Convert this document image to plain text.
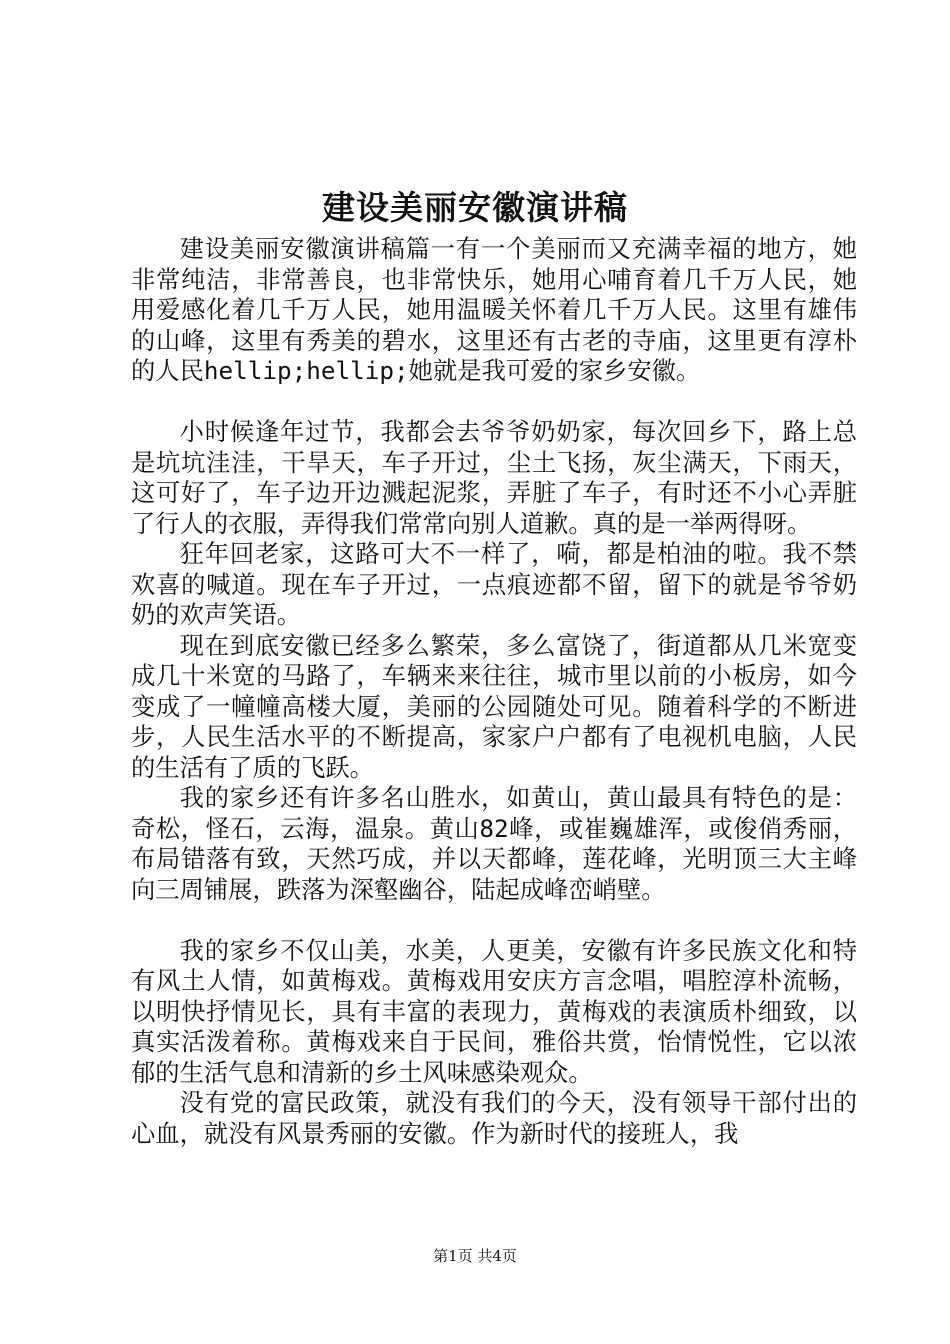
建设美丽安徽演讲稿

建设美丽安徽演讲稿篇一有一个美丽而又充满幸福的地方，她非常纯洁，非常善良，也非常快乐，她用心哺育着几千万人民，她用爱感化着几千万人民，她用温暖关怀着几千万人民。这里有雄伟的山峰，这里有秀美的碧水，这里还有古老的寺庙，这里更有淳朴的人民hellip;hellip;她就是我可爱的家乡安徽。

小时候逢年过节，我都会去爷爷奶奶家，每次回乡下，路上总是坑坑洼洼，干旱天，车子开过，尘土飞扬，灰尘满天，下雨天，这可好了，车子边开边溅起泥浆，弄脏了车子，有时还不小心弄脏了行人的衣服，弄得我们常常向别人道歉。真的是一举两得呀。

狂年回老家，这路可大不一样了，嗬，都是柏油的啦。我不禁欢喜的喊道。现在车子开过，一点痕迹都不留，留下的就是爷爷奶奶的欢声笑语。

现在到底安徽已经多么繁荣，多么富饶了，街道都从几米宽变成几十米宽的马路了，车辆来来往往，城市里以前的小板房，如今变成了一幢幢高楼大厦，美丽的公园随处可见。随着科学的不断进步，人民生活水平的不断提高，家家户户都有了电视机电脑，人民的生活有了质的飞跃。

我的家乡还有许多名山胜水，如黄山，黄山最具有特色的是：奇松，怪石，云海，温泉。黄山82峰，或崔巍雄浑，或俊俏秀丽，布局错落有致，天然巧成，并以天都峰，莲花峰，光明顶三大主峰向三周铺展，跌落为深壑幽谷，陆起成峰峦峭壁。

我的家乡不仅山美，水美，人更美，安徽有许多民族文化和特有风土人情，如黄梅戏。黄梅戏用安庆方言念唱，唱腔淳朴流畅，以明快抒情见长，具有丰富的表现力，黄梅戏的表演质朴细致，以真实活泼着称。黄梅戏来自于民间，雅俗共赏，怡情悦性，它以浓郁的生活气息和清新的乡土风味感染观众。

没有党的富民政策，就没有我们的今天，没有领导干部付出的心血，就没有风景秀丽的安徽。作为新时代的接班人，我

第1页 共4页
